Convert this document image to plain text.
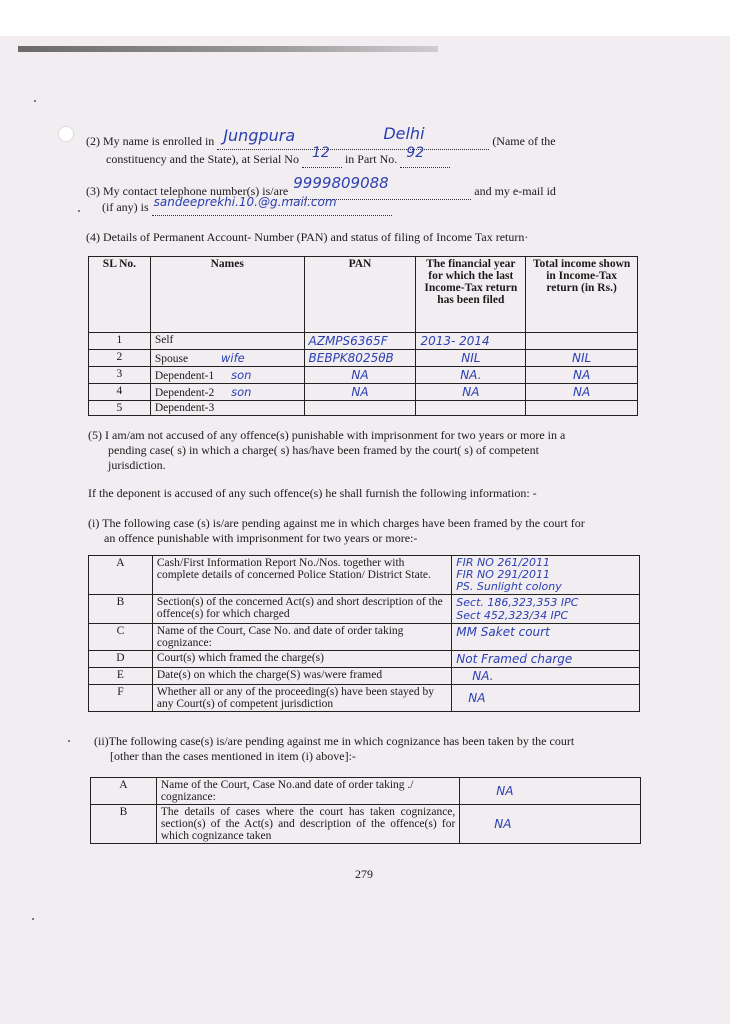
(2) My name is enrolled in Jungpura	Delhi	(Name of the
constituency and the State), at Serial No 12 in Part No. 92

(3) My contact telephone number(s) is/are 9999809088	and my e-mail id
(if any) is sandeeprekhi.10.@g.mail.com

(4) Details of Permanent Account- Number (PAN) and status of filing of Income Tax return·
SL No.	Names	PAN	The financial year for which the last Income-Tax return has been filed	Total income shown in Income-Tax return (in Rs.)
1	Self	AZMPS6365F	2013- 2014	
2	Spouse wife	BEBPK8025θB	NIL	NIL
3	Dependent-1 son	NA	NA.	NA
4	Dependent-2 son	NA	NA	NA
5	Dependent-3			
(5) I am/am not accused of any offence(s) punishable with imprisonment for two years or more in a
pending case( s) in which a charge( s) has/have been framed by the court( s) of competent
jurisdiction.
If the deponent is accused of any such offence(s) he shall furnish the following information: -
(i) The following case (s) is/are pending against me in which charges have been framed by the court for
an offence punishable with imprisonment for two years or more:-
A	Cash/First Information Report No./Nos. together with complete details of concerned Police Station/ District State.	FIR NO 261/2011
FIR NO 291/2011
PS. Sunlight colony
B	Section(s) of the concerned Act(s) and short description of the offence(s) for which charged	Sect. 186,323,353 IPC
Sect 452,323/34 IPC
C	Name of the Court, Case No. and date of order taking cognizance:	MM Saket court
D	Court(s) which framed the charge(s)	Not Framed charge
E	Date(s) on which the charge(S) was/were framed	NA.
F	Whether all or any of the proceeding(s) have been stayed by any Court(s) of competent jurisdiction	NA
(ii)The following case(s) is/are pending against me in which cognizance has been taken by the court
[other than the cases mentioned in item (i) above]:-
A	Name of the Court, Case No.and date of order taking ./ cognizance:	NA
B	The details of cases where the court has taken cognizance, section(s) of the Act(s) and description of the offence(s) for which cognizance taken	NA
279
